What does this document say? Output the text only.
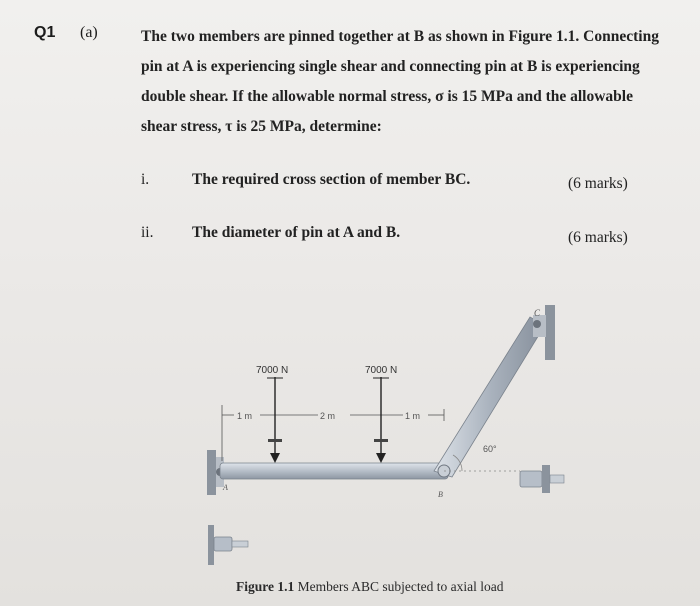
Q1 (a)	The two members are pinned together at B as shown in Figure 1.1. Connecting
pin at A is experiencing single shear and connecting pin at B is experiencing
double shear. If the allowable normal stress, σ is 15 MPa and the allowable
shear stress, τ is 25 MPa, determine:
i.	The required cross section of member BC.	(6 marks)
ii. The diameter of pin at A and B.	(6 marks)
1 m	2 m	1 m
7000 N	7000 N
60°
A
B
C
Figure 1.1 Members ABC subjected to axial load
